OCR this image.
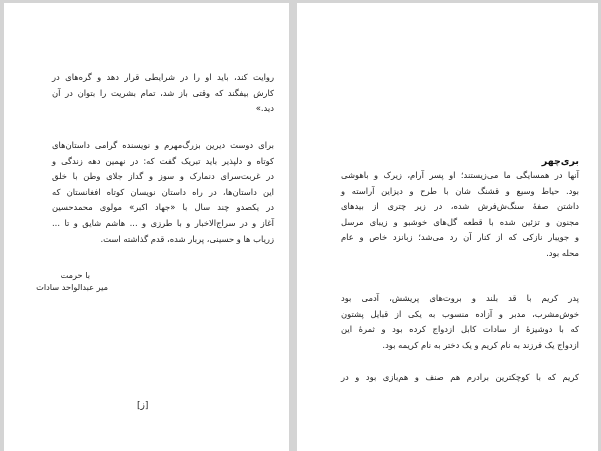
روایت کند، باید او را در شرایطی قرار دهد و گره‌های در
کارش بیفگند که وقتی باز شد، تمام بشریت را بتوان در آن
دید.»
برای دوست دیرین بزرگ‌مهرم و نویسنده گرامی داستان‌های
کوتاه و دلپذیر باید تبریک گفت که: در نهمین دهه زندگی و
در غربت‌سرای دنمارک و سوز و گداز جلای وطن با خلق
این داستان‌ها، در راه داستان نویسان کوتاه افغانستان که
در یکصدو چند سال با «جهاد اکبر» مولوی محمدحسین
آغاز و در سراج‌الاخبار و با طرزی و ... هاشم شایق و تا ...
زریاب ها و حسینی، پربار شده، قدم گذاشته است.
با حرمت
میر عبدالواحد سادات
[ز]
بری‌چهر
آنها در همسایگی ما می‌زیستند؛ او پسر آرام، زیرک و باهوشی
بود. حیاط وسیع و قشنگ شان با طرح و دیزاین آراسته و
داشتن صفهٔ سنگ‌ش‌فرش شده، در زیر چتری از بیدهای
مجنون و تزئین شده با قطعه گل‌های خوشبو و زیبای مرسل
و جویبار نازکی که از کنار آن رد می‌شد؛ زبانزد خاص و عام
محله بود.
پدر کریم با قد بلند و بروت‌های پریشش، آدمی بود
خوش‌مشرب، مدبر و آزاده منسوب به یکی از قبایل پشتون
که با دوشیزهٔ از سادات کابل ازدواج کرده بود و ثمرهٔ این
ازدواج یک فرزند به نام کریم و یک دختر به نام کریمه بود.
کریم که با کوچکترین برادرم هم صنف و هم‌بازی بود و در
